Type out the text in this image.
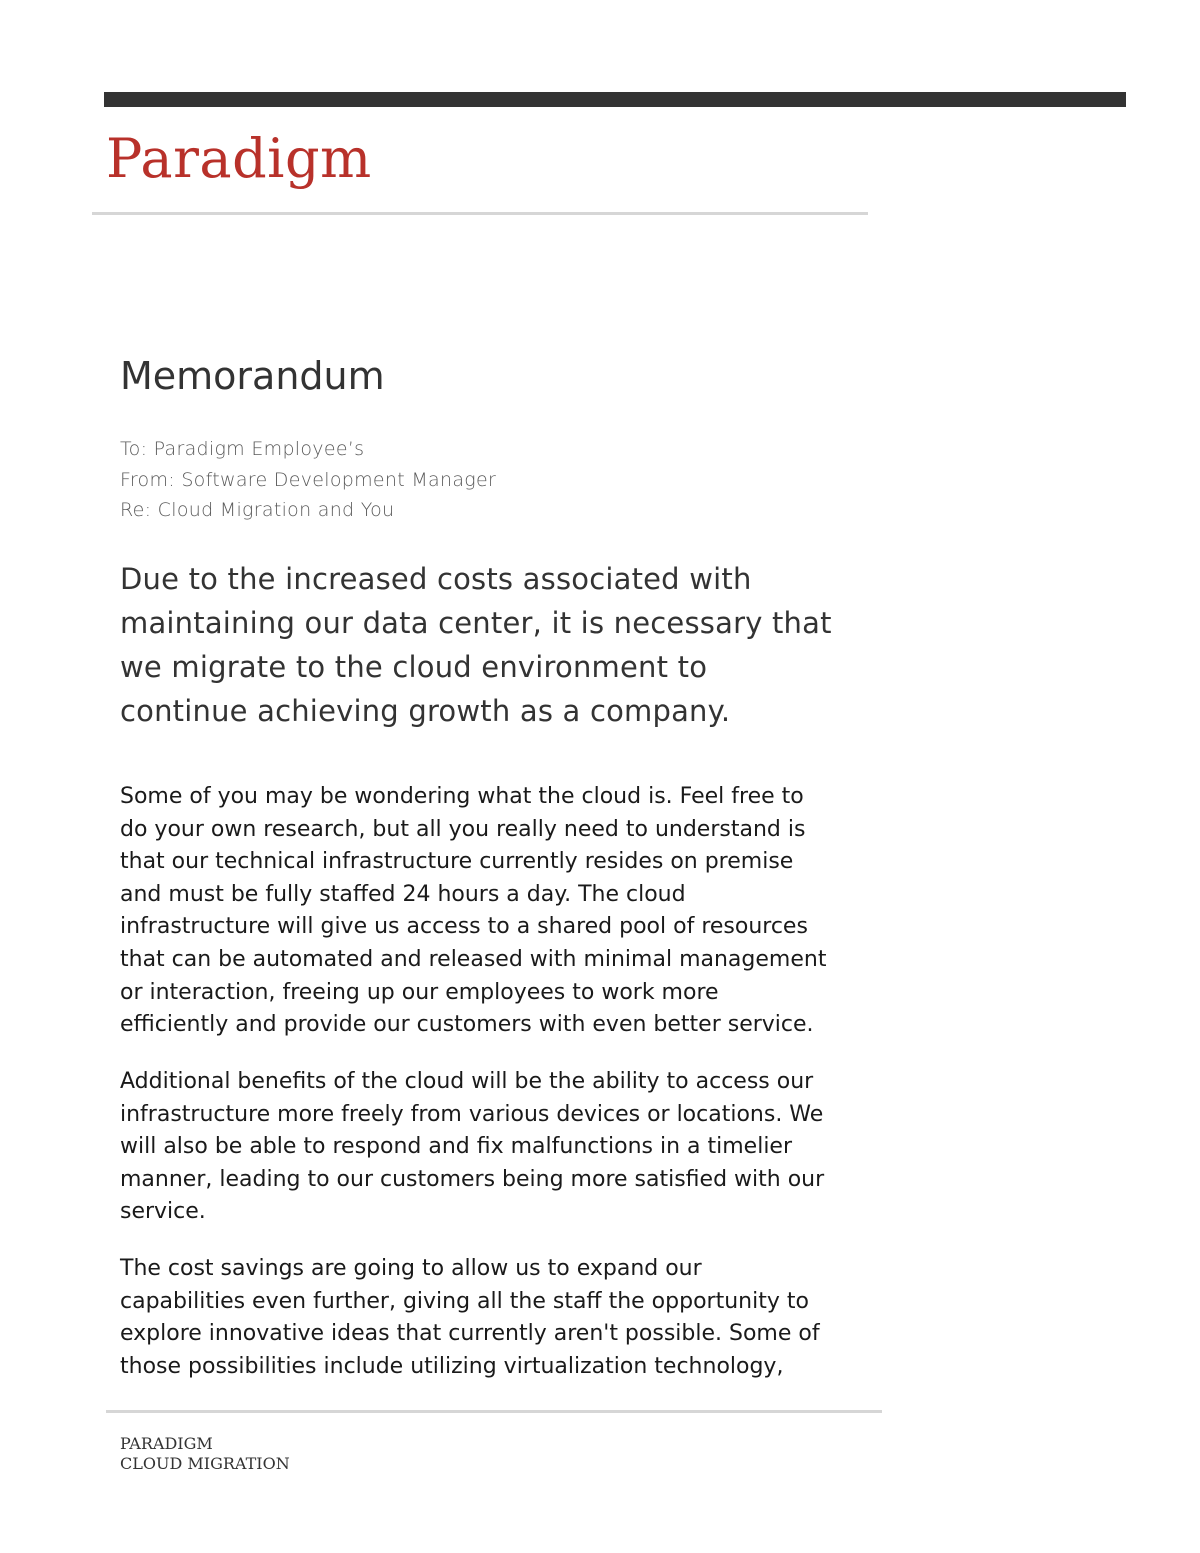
Paradigm
Memorandum
To: Paradigm Employee’s
From: Software Development Manager
Re: Cloud Migration and You
Due to the increased costs associated with
maintaining our data center, it is necessary that
we migrate to the cloud environment to
continue achieving growth as a company.
Some of you may be wondering what the cloud is. Feel free to
do your own research, but all you really need to understand is
that our technical infrastructure currently resides on premise
and must be fully staffed 24 hours a day. The cloud
infrastructure will give us access to a shared pool of resources
that can be automated and released with minimal management
or interaction, freeing up our employees to work more
efficiently and provide our customers with even better service.
Additional benefits of the cloud will be the ability to access our
infrastructure more freely from various devices or locations. We
will also be able to respond and fix malfunctions in a timelier
manner, leading to our customers being more satisfied with our
service.
The cost savings are going to allow us to expand our
capabilities even further, giving all the staff the opportunity to
explore innovative ideas that currently aren't possible. Some of
those possibilities include utilizing virtualization technology,
PARADIGM
CLOUD MIGRATION
